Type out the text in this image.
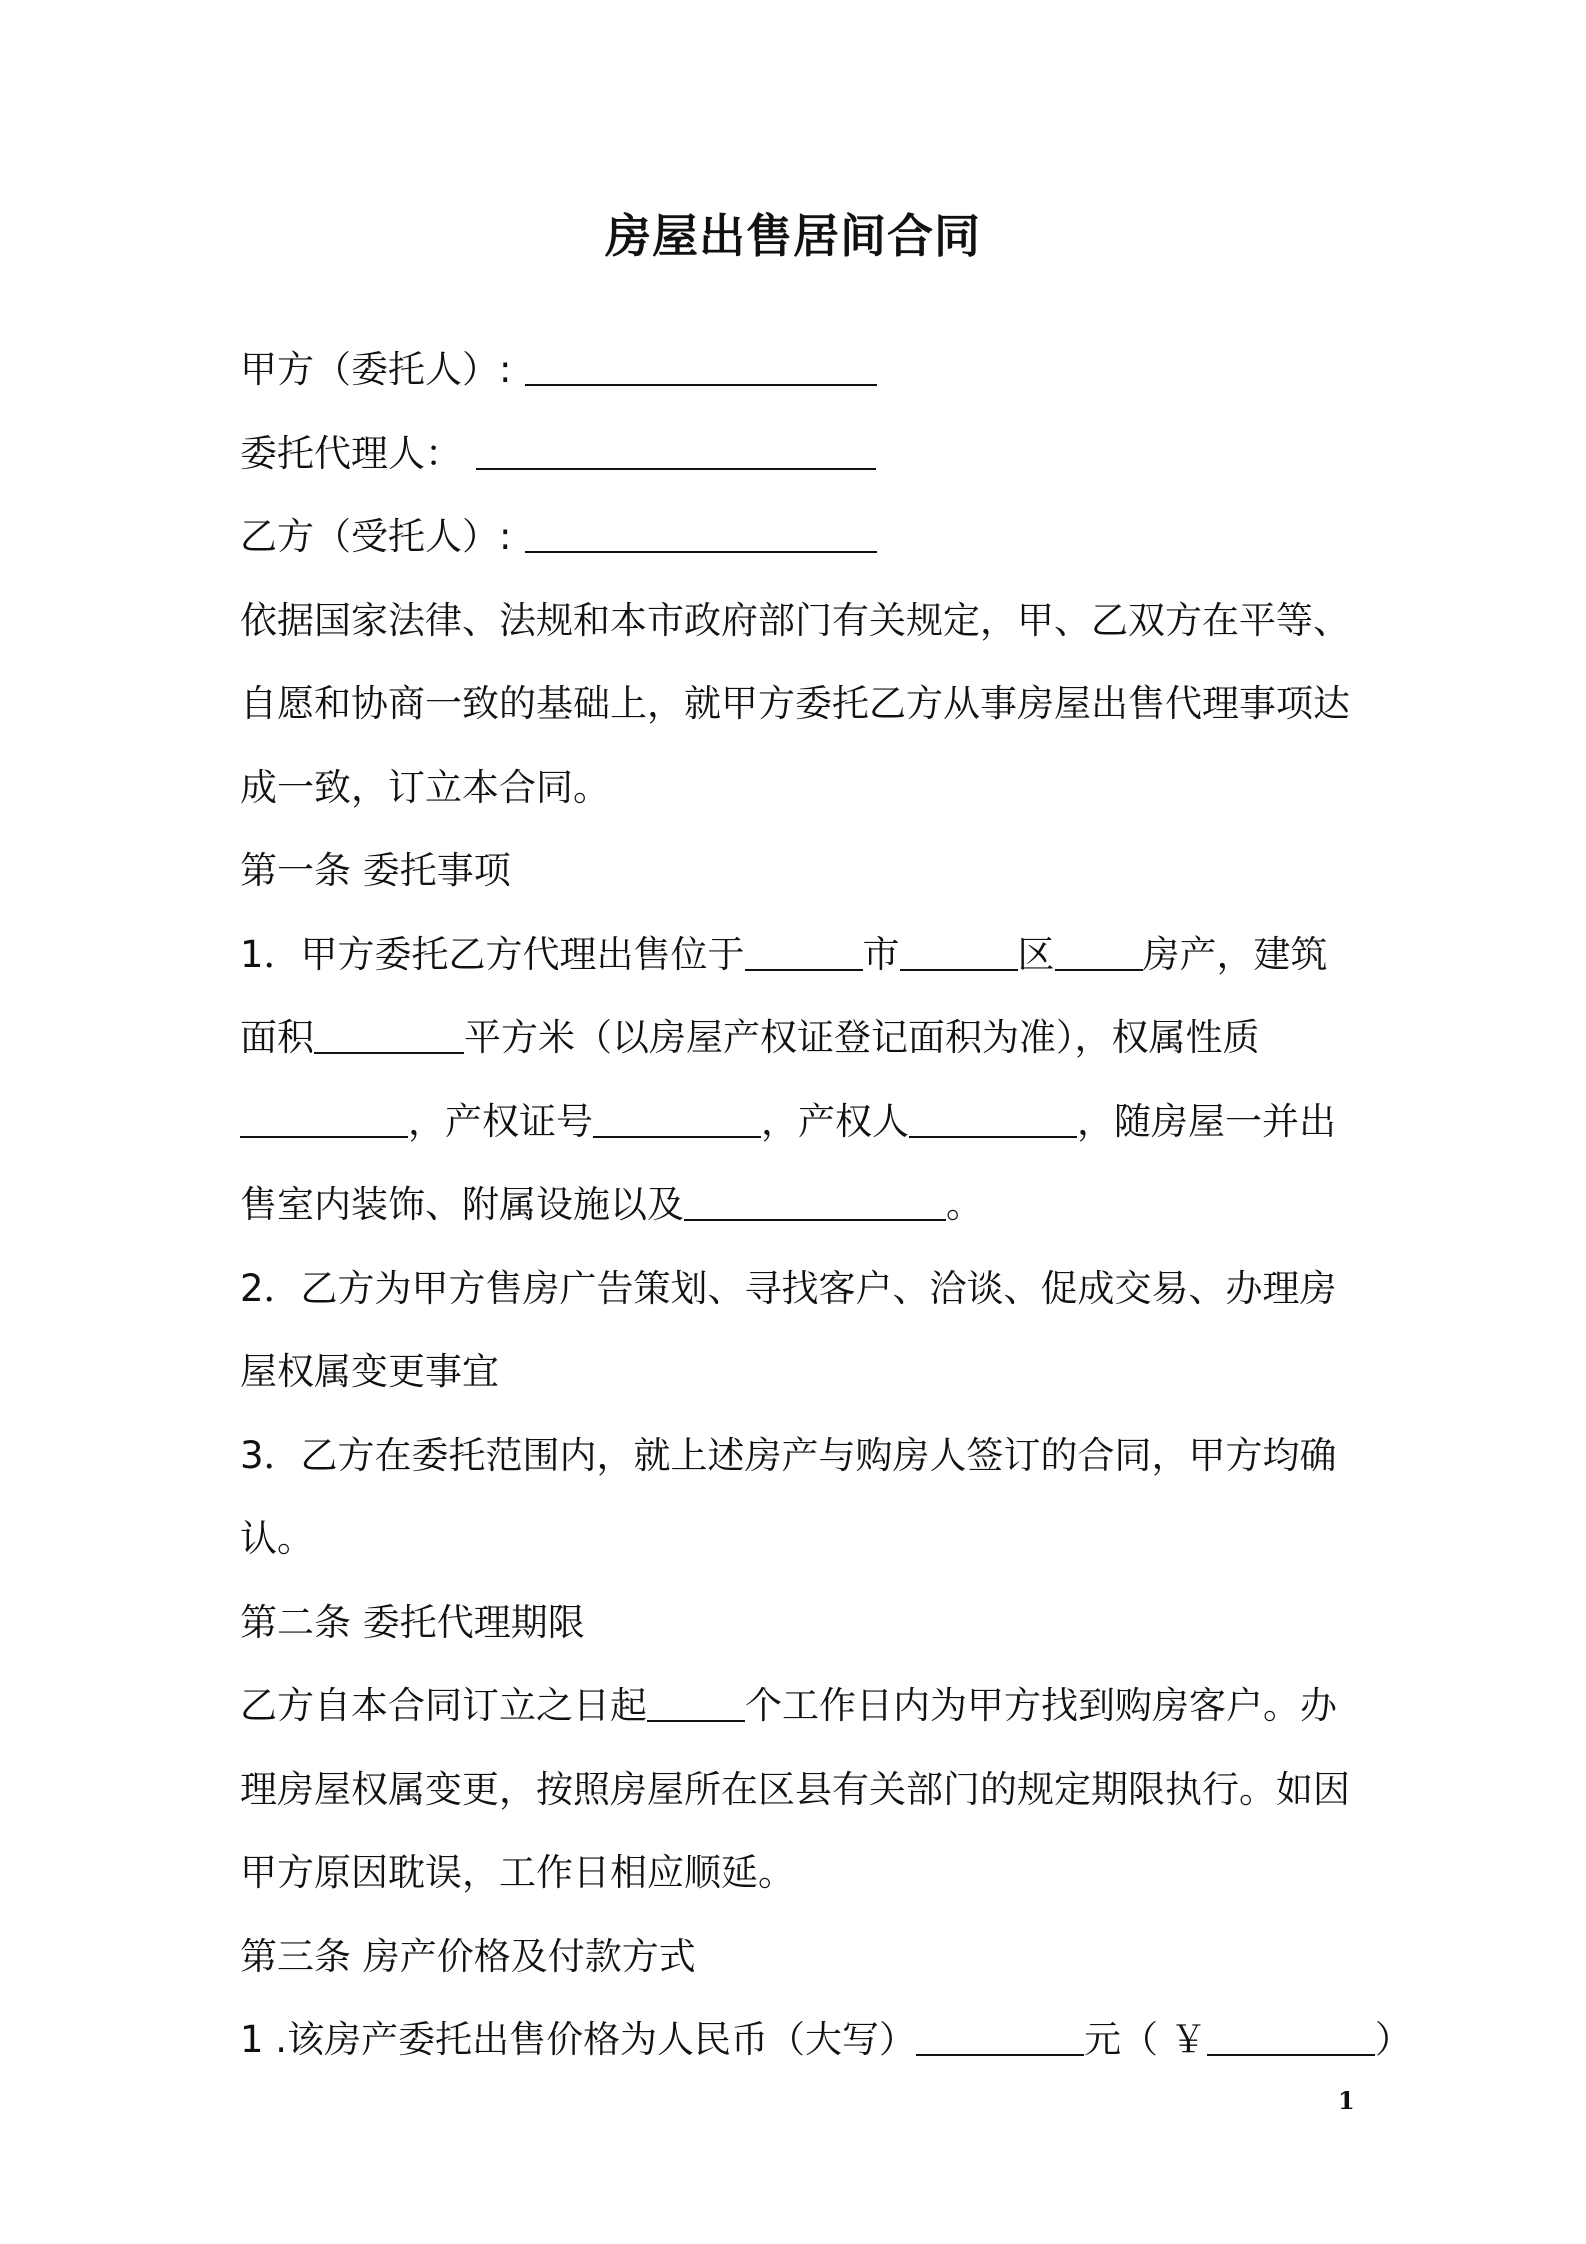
房屋出售居间合同
甲方（委托人）:
委托代理人：
乙方（受托人）:
依据国家法律、法规和本市政府部门有关规定，甲、乙双方在平等、
自愿和协商一致的基础上，就甲方委托乙方从事房屋出售代理事项达
成一致，订立本合同。
第一条 委托事项
1．甲方委托乙方代理出售位于	市	区 房产，建筑
面积	平方米（以房屋产权证登记面积为准），权属性质
，产权证号	，产权人	，随房屋一并出
售室内装饰、附属设施以及	。
2．乙方为甲方售房广告策划、寻找客户、洽谈、促成交易、办理房
屋权属变更事宜
3．乙方在委托范围内，就上述房产与购房人签订的合同，甲方均确
认。
第二条 委托代理期限
乙方自本合同订立之日起	个工作日内为甲方找到购房客户。办
理房屋权属变更，按照房屋所在区县有关部门的规定期限执行。如因
甲方原因耽误，工作日相应顺延。
第三条 房产价格及付款方式
1 .该房产委托出售价格为人民币（大写）	元（ ￥	）
1
